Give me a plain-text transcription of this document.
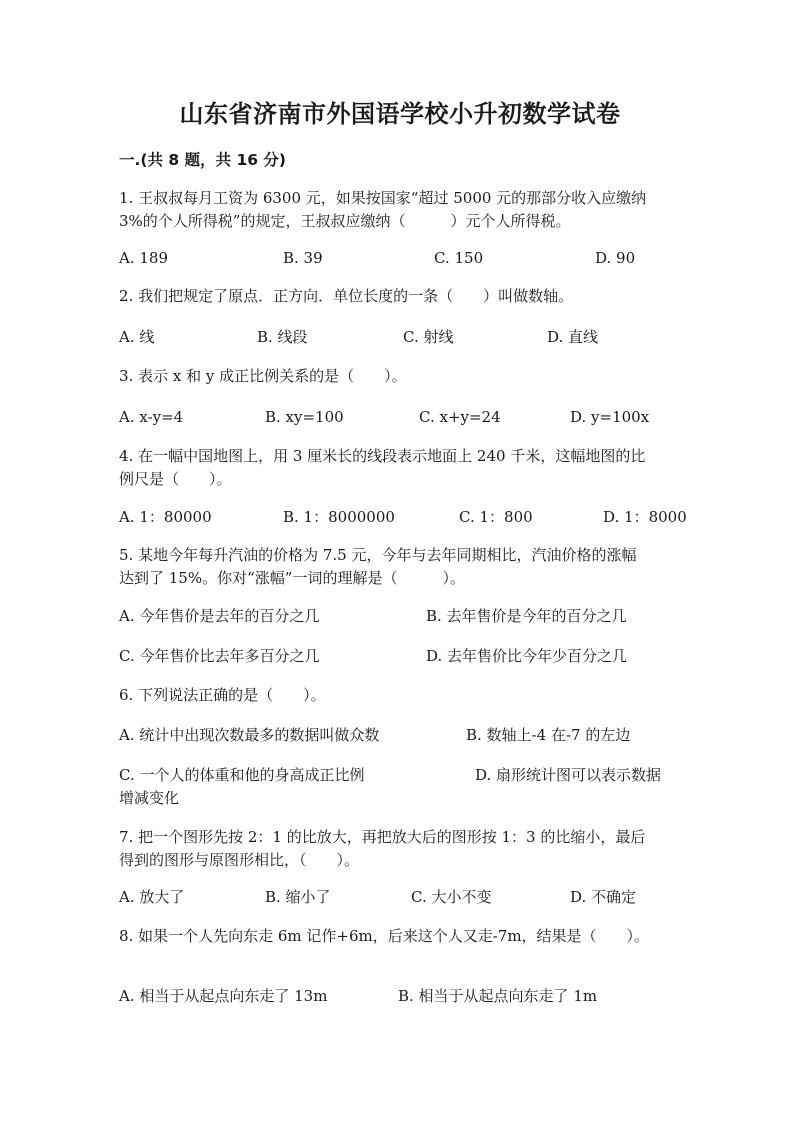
山东省济南市外国语学校小升初数学试卷
一.(共 8 题，共 16 分)
1. 王叔叔每月工资为 6300 元，如果按国家“超过 5000 元的那部分收入应缴纳
3%的个人所得税”的规定，王叔叔应缴纳（　　　）元个人所得税。
A. 189	B. 39	C. 150	D. 90
2. 我们把规定了原点．正方向．单位长度的一条（　　）叫做数轴。
A. 线	B. 线段	C. 射线	D. 直线
3. 表示 x 和 y 成正比例关系的是（　　）。
A. x-y=4	B. xy=100	C. x+y=24	D. y=100x
4. 在一幅中国地图上，用 3 厘米长的线段表示地面上 240 千米，这幅地图的比
例尺是（　　）。
A. 1：80000	B. 1：8000000	C. 1：800	D. 1：8000
5. 某地今年每升汽油的价格为 7.5 元，今年与去年同期相比，汽油价格的涨幅
达到了 15%。你对“涨幅”一词的理解是（　　　）。
A. 今年售价是去年的百分之几	B. 去年售价是今年的百分之几
C. 今年售价比去年多百分之几	D. 去年售价比今年少百分之几
6. 下列说法正确的是（　　）。
A. 统计中出现次数最多的数据叫做众数	B. 数轴上-4 在-7 的左边
C. 一个人的体重和他的身高成正比例	D. 扇形统计图可以表示数据
增减变化
7. 把一个图形先按 2：1 的比放大，再把放大后的图形按 1：3 的比缩小，最后
得到的图形与原图形相比，（　　）。
A. 放大了	B. 缩小了	C. 大小不变	D. 不确定
8. 如果一个人先向东走 6m 记作+6m，后来这个人又走-7m，结果是（　　）。
A. 相当于从起点向东走了 13m	B. 相当于从起点向东走了 1m
